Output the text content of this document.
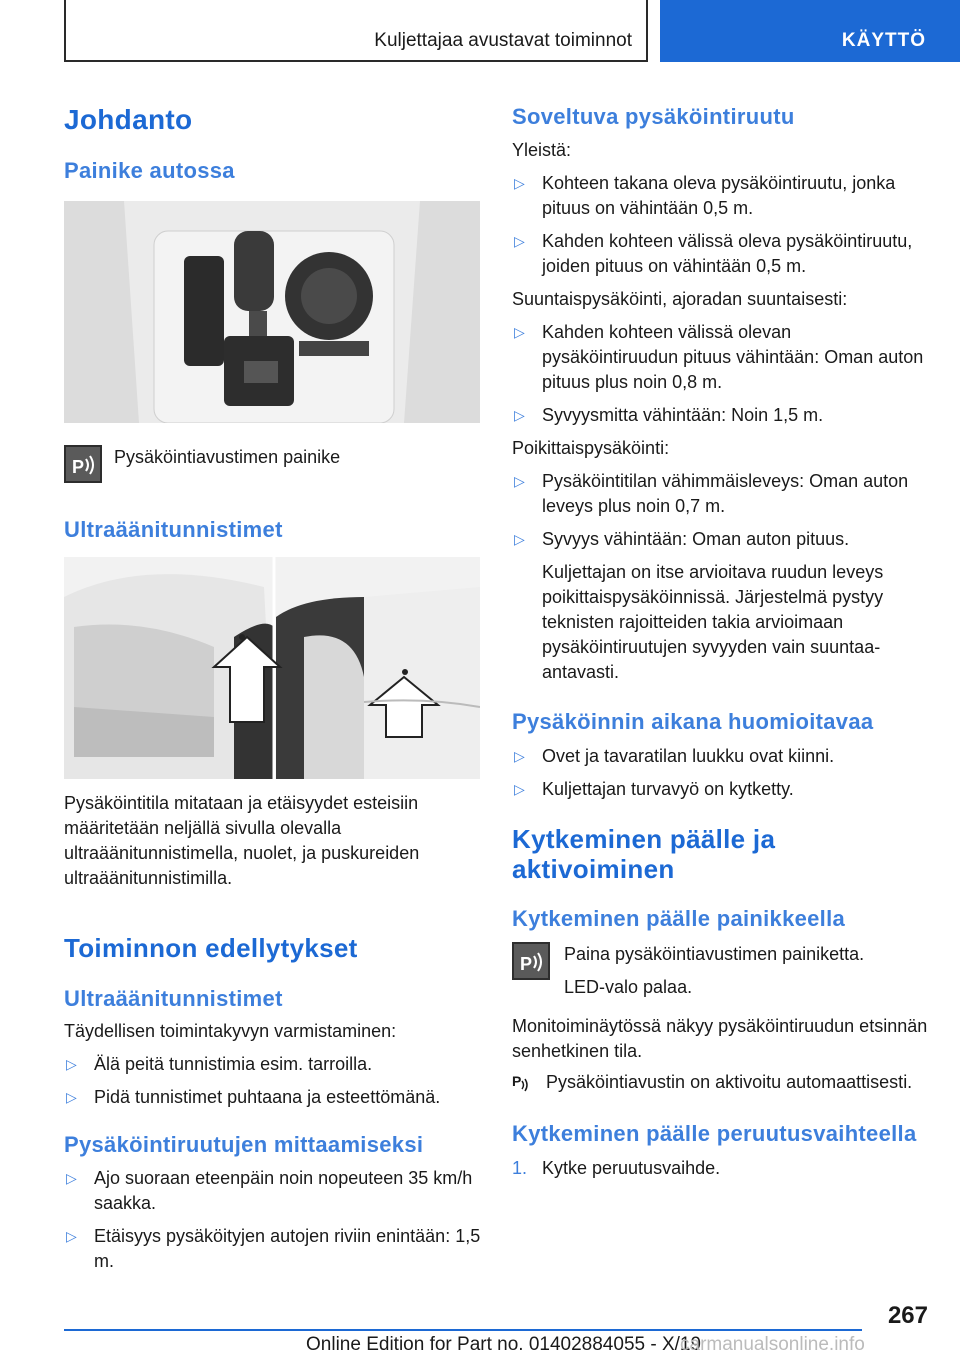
Kuljettajaa avustavat toiminnot	KÄYTTÖ
Johdanto
Painike autossa
P Pysäköintiavustimen painike
Ultraäänitunnistimet

Pysäköintitila mitataan ja etäisyydet esteisiin määritetään neljällä sivulla olevalla ultraäänitunnistimella, nuolet, ja puskureiden ultraäänitunnistimilla.

Toiminnon edellytykset
Ultraäänitunnistimet

Täydellisen toimintakyvyn varmistaminen:

▷ Älä peitä tunnistimia esim. tarroilla.
▷ Pidä tunnistimet puhtaana ja esteettömänä.
Pysäköintiruutujen mittaamiseksi
▷ Ajo suoraan eteenpäin noin nopeuteen 35 km/h saakka.
▷ Etäisyys pysäköityjen autojen riviin enintään: 1,5 m.
Soveltuva pysäköintiruutu

Yleistä:

▷ Kohteen takana oleva pysäköintiruutu, jonka pituus on vähintään 0,5 m.
▷ Kahden kohteen välissä oleva pysäköintiruutu, joiden pituus on vähintään 0,5 m.

Suuntaispysäköinti, ajoradan suuntaisesti:

▷ Kahden kohteen välissä olevan pysäköintiruudun pituus vähintään: Oman auton pituus plus noin 0,8 m.
▷ Syvyysmitta vähintään: Noin 1,5 m.

Poikittaispysäköinti:

▷ Pysäköintitilan vähimmäisleveys: Oman auton leveys plus noin 0,7 m.
▷ Syvyys vähintään: Oman auton pituus.

Kuljettajan on itse arvioitava ruudun leveys poikittaispysäköinnissä. Järjestelmä pystyy teknisten rajoitteiden takia arvioimaan pysäköintiruutujen syvyyden vain suuntaa-antavasti.

Pysäköinnin aikana huomioitavaa
▷ Ovet ja tavaratilan luukku ovat kiinni.
▷ Kuljettajan turvavyö on kytketty.
Kytkeminen päälle ja aktivoiminen
Kytkeminen päälle painikkeella
P Paina pysäköintiavustimen painiketta.

LED-valo palaa.

Monitoiminäytössä näkyy pysäköintiruudun etsinnän senhetkinen tila.

P	Pysäköintiavustin on aktivoitu automaattisesti.

Kytkeminen päälle peruutusvaihteella
1. Kytke peruutusvaihde.
267
Online Edition for Part no. 01402884055 - X/19
carmanualsonline.info
